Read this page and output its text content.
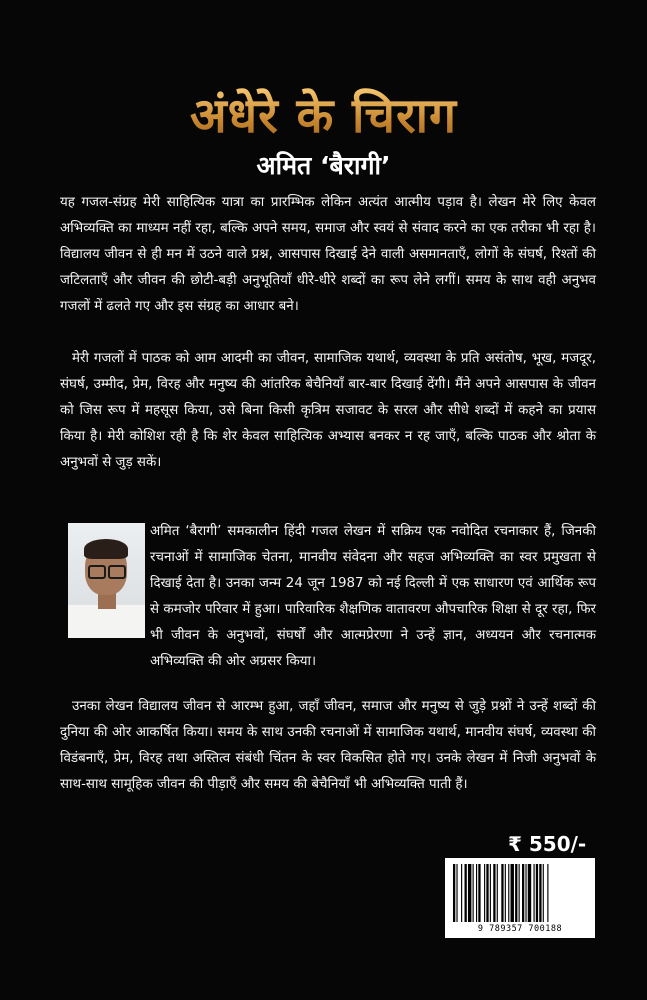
अंधेरे के चिराग
अमित ‘बैरागी’

यह गजल-संग्रह मेरी साहित्यिक यात्रा का प्रारम्भिक लेकिन अत्यंत आत्मीय पड़ाव है। लेखन मेरे लिए केवल अभिव्यक्ति का माध्यम नहीं रहा, बल्कि अपने समय, समाज और स्वयं से संवाद करने का एक तरीका भी रहा है। विद्यालय जीवन से ही मन में उठने वाले प्रश्न, आसपास दिखाई देने वाली असमानताएँ, लोगों के संघर्ष, रिश्तों की जटिलताएँ और जीवन की छोटी-बड़ी अनुभूतियाँ धीरे-धीरे शब्दों का रूप लेने लगीं। समय के साथ वही अनुभव गजलों में ढलते गए और इस संग्रह का आधार बने।

मेरी गजलों में पाठक को आम आदमी का जीवन, सामाजिक यथार्थ, व्यवस्था के प्रति असंतोष, भूख, मजदूर, संघर्ष, उम्मीद, प्रेम, विरह और मनुष्य की आंतरिक बेचैनियाँ बार-बार दिखाई देंगी। मैंने अपने आसपास के जीवन को जिस रूप में महसूस किया, उसे बिना किसी कृत्रिम सजावट के सरल और सीधे शब्दों में कहने का प्रयास किया है। मेरी कोशिश रही है कि शेर केवल साहित्यिक अभ्यास बनकर न रह जाएँ, बल्कि पाठक और श्रोता के अनुभवों से जुड़ सकें।

अमित ‘बैरागी’ समकालीन हिंदी गजल लेखन में सक्रिय एक नवोदित रचनाकार हैं, जिनकी रचनाओं में सामाजिक चेतना, मानवीय संवेदना और सहज अभिव्यक्ति का स्वर प्रमुखता से दिखाई देता है। उनका जन्म 24 जून 1987 को नई दिल्ली में एक साधारण एवं आर्थिक रूप से कमजोर परिवार में हुआ। पारिवारिक शैक्षणिक वातावरण औपचारिक शिक्षा से दूर रहा, फिर भी जीवन के अनुभवों, संघर्षों और आत्मप्रेरणा ने उन्हें ज्ञान, अध्ययन और रचनात्मक अभिव्यक्ति की ओर अग्रसर किया।

उनका लेखन विद्यालय जीवन से आरम्भ हुआ, जहाँ जीवन, समाज और मनुष्य से जुड़े प्रश्नों ने उन्हें शब्दों की दुनिया की ओर आकर्षित किया। समय के साथ उनकी रचनाओं में सामाजिक यथार्थ, मानवीय संघर्ष, व्यवस्था की विडंबनाएँ, प्रेम, विरह तथा अस्तित्व संबंधी चिंतन के स्वर विकसित होते गए। उनके लेखन में निजी अनुभवों के साथ-साथ सामूहिक जीवन की पीड़ाएँ और समय की बेचैनियाँ भी अभिव्यक्ति पाती हैं।

₹ 550/-
9 789357 700188
